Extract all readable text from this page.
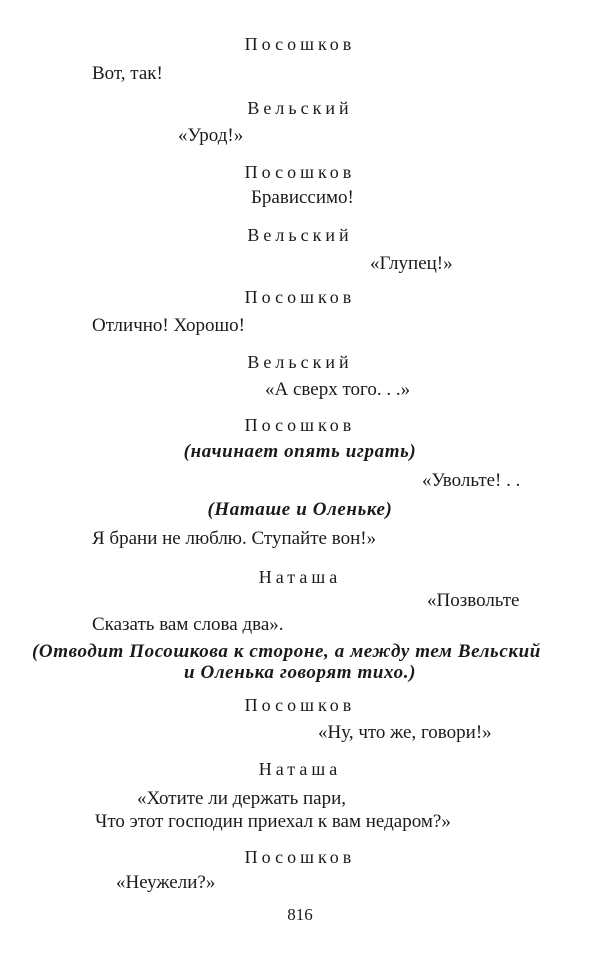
Посошков
Вот, так!
Вельский
«Урод!»
Посошков
Брависсимо!
Вельский
«Глупец!»
Посошков
Отлично! Хорошо!
Вельский
«А сверх того. . .»
Посошков
(начинает опять играть)
«Увольте! . .
(Наташе и Оленьке)
Я брани не люблю. Ступайте вон!»
Наташа
«Позвольте
Сказать вам слова два».
(Отводит Посошкова к стороне, а между тем Вельский
и Оленька говорят тихо.)
Посошков
«Ну, что же, говори!»
Наташа
«Хотите ли держать пари,
Что этот господин приехал к вам недаром?»
Посошков
«Неужели?»
816
